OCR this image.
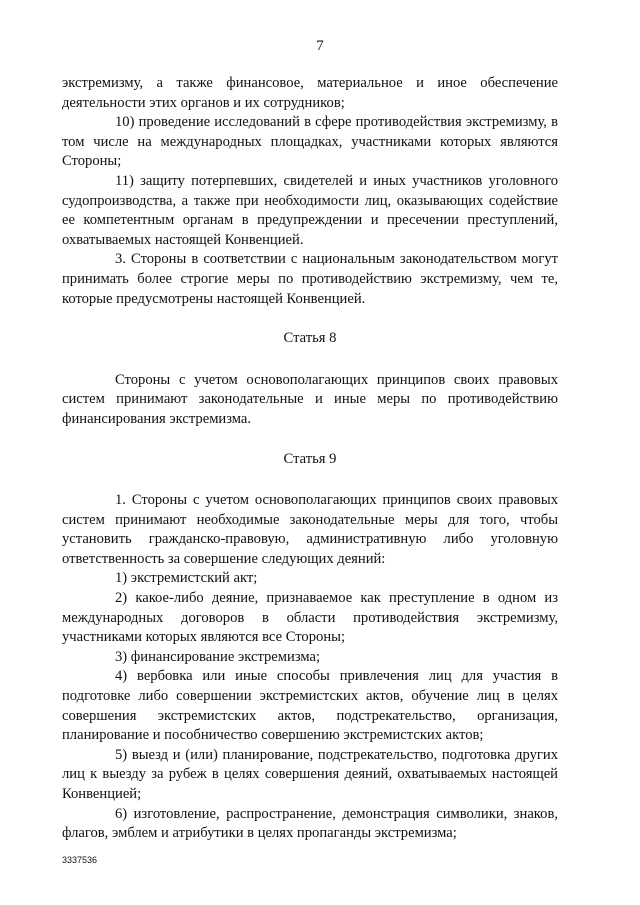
7

экстремизму, а также финансовое, материальное и иное обеспечение деятельности этих органов и их сотрудников;

10) проведение исследований в сфере противодействия экстремизму, в том числе на международных площадках, участниками которых являются Стороны;

11) защиту потерпевших, свидетелей и иных участников уголовного судопроизводства, а также при необходимости лиц, оказывающих содействие ее компетентным органам в предупреждении и пресечении преступлений, охватываемых настоящей Конвенцией.

3. Стороны в соответствии с национальным законодательством могут принимать более строгие меры по противодействию экстремизму, чем те, которые предусмотрены настоящей Конвенцией.

Статья 8

Стороны с учетом основополагающих принципов своих правовых систем принимают законодательные и иные меры по противодействию финансирования экстремизма.

Статья 9

1. Стороны с учетом основополагающих принципов своих правовых систем принимают необходимые законодательные меры для того, чтобы установить гражданско-правовую, административную либо уголовную ответственность за совершение следующих деяний:

1) экстремистский акт;

2) какое-либо деяние, признаваемое как преступление в одном из международных договоров в области противодействия экстремизму, участниками которых являются все Стороны;

3) финансирование экстремизма;

4) вербовка или иные способы привлечения лиц для участия в подготовке либо совершении экстремистских актов, обучение лиц в целях совершения экстремистских актов, подстрекательство, организация, планирование и пособничество совершению экстремистских актов;

5) выезд и (или) планирование, подстрекательство, подготовка других лиц к выезду за рубеж в целях совершения деяний, охватываемых настоящей Конвенцией;

6) изготовление, распространение, демонстрация символики, знаков, флагов, эмблем и атрибутики в целях пропаганды экстремизма;

3337536
